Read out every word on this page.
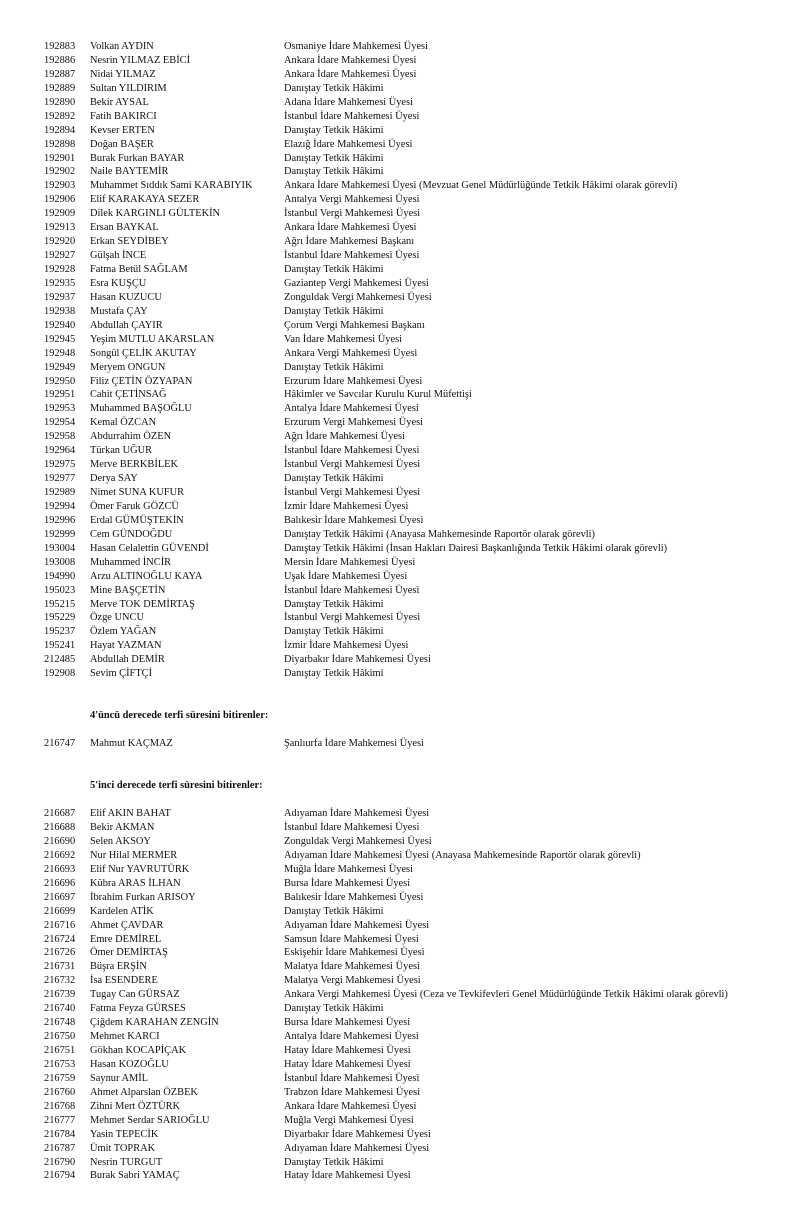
192883	Volkan AYDIN	Osmaniye İdare Mahkemesi Üyesi
192886	Nesrin YILMAZ EBİCİ	Ankara İdare Mahkemesi Üyesi
192887	Nidai YILMAZ	Ankara İdare Mahkemesi Üyesi
192889	Sultan YILDIRIM	Danıştay Tetkik Hâkimi
192890	Bekir AYSAL	Adana İdare Mahkemesi Üyesi
192892	Fatih BAKIRCI	İstanbul İdare Mahkemesi Üyesi
192894	Kevser ERTEN	Danıştay Tetkik Hâkimi
192898	Doğan BAŞER	Elazığ İdare Mahkemesi Üyesi
192901	Burak Furkan BAYAR	Danıştay Tetkik Hâkimi
192902	Naile BAYTEMİR	Danıştay Tetkik Hâkimi
192903	Muhammet Sıddık Sami KARABIYIK	Ankara İdare Mahkemesi Üyesi (Mevzuat Genel Müdürlüğünde Tetkik Hâkimi olarak görevli)
192906	Elif KARAKAYA SEZER	Antalya Vergi Mahkemesi Üyesi
192909	Dilek KARGINLI GÜLTEKİN	İstanbul Vergi Mahkemesi Üyesi
192913	Ersan BAYKAL	Ankara İdare Mahkemesi Üyesi
192920	Erkan SEYDİBEY	Ağrı İdare Mahkemesi Başkanı
192927	Gülşah İNCE	İstanbul İdare Mahkemesi Üyesi
192928	Fatma Betül SAĞLAM	Danıştay Tetkik Hâkimi
192935	Esra KUŞÇU	Gaziantep Vergi Mahkemesi Üyesi
192937	Hasan KUZUCU	Zonguldak Vergi Mahkemesi Üyesi
192938	Mustafa ÇAY	Danıştay Tetkik Hâkimi
192940	Abdullah ÇAYIR	Çorum Vergi Mahkemesi Başkanı
192945	Yeşim MUTLU AKARSLAN	Van İdare Mahkemesi Üyesi
192948	Songül ÇELİK AKUTAY	Ankara Vergi Mahkemesi Üyesi
192949	Meryem ONGUN	Danıştay Tetkik Hâkimi
192950	Filiz ÇETİN ÖZYAPAN	Erzurum İdare Mahkemesi Üyesi
192951	Cahit ÇETİNSAĞ	Hâkimler ve Savcılar Kurulu Kurul Müfettişi
192953	Muhammed BAŞOĞLU	Antalya İdare Mahkemesi Üyesi
192954	Kemal ÖZCAN	Erzurum Vergi Mahkemesi Üyesi
192958	Abdurrahim ÖZEN	Ağrı İdare Mahkemesi Üyesi
192964	Türkan UĞUR	İstanbul İdare Mahkemesi Üyesi
192975	Merve BERKBİLEK	İstanbul Vergi Mahkemesi Üyesi
192977	Derya SAY	Danıştay Tetkik Hâkimi
192989	Nimet SUNA KUFUR	İstanbul Vergi Mahkemesi Üyesi
192994	Ömer Faruk GÖZCÜ	İzmir İdare Mahkemesi Üyesi
192996	Erdal GÜMÜŞTEKİN	Balıkesir İdare Mahkemesi Üyesi
192999	Cem GÜNDOĞDU	Danıştay Tetkik Hâkimi (Anayasa Mahkemesinde Raportör olarak görevli)
193004	Hasan Celalettin GÜVENDİ	Danıştay Tetkik Hâkimi (İnsan Hakları Dairesi Başkanlığında Tetkik Hâkimi olarak görevli)
193008	Muhammed İNCİR	Mersin İdare Mahkemesi Üyesi
194990	Arzu ALTINOĞLU KAYA	Uşak İdare Mahkemesi Üyesi
195023	Mine BAŞÇETİN	İstanbul İdare Mahkemesi Üyesi
195215	Merve TOK DEMİRTAŞ	Danıştay Tetkik Hâkimi
195229	Özge UNCU	İstanbul Vergi Mahkemesi Üyesi
195237	Özlem YAĞAN	Danıştay Tetkik Hâkimi
195241	Hayat YAZMAN	İzmir İdare Mahkemesi Üyesi
212485	Abdullah DEMİR	Diyarbakır İdare Mahkemesi Üyesi
192908	Sevim ÇİFTÇİ	Danıştay Tetkik Hâkimi
4'üncü derecede terfi süresini bitirenler:
216747	Mahmut KAÇMAZ	Şanlıurfa İdare Mahkemesi Üyesi
5'inci derecede terfi süresini bitirenler:
216687	Elif AKIN BAHAT	Adıyaman İdare Mahkemesi Üyesi
216688	Bekir AKMAN	İstanbul İdare Mahkemesi Üyesi
216690	Selen AKSOY	Zonguldak Vergi Mahkemesi Üyesi
216692	Nur Hilal MERMER	Adıyaman İdare Mahkemesi Üyesi (Anayasa Mahkemesinde Raportör olarak görevli)
216693	Elif Nur YAVRUTÜRK	Muğla İdare Mahkemesi Üyesi
216696	Kübra ARAS İLHAN	Bursa İdare Mahkemesi Üyesi
216697	İbrahim Furkan ARISOY	Balıkesir İdare Mahkemesi Üyesi
216699	Kardelen ATİK	Danıştay Tetkik Hâkimi
216716	Ahmet ÇAVDAR	Adıyaman İdare Mahkemesi Üyesi
216724	Emre DEMİREL	Samsun İdare Mahkemesi Üyesi
216726	Ömer DEMİRTAŞ	Eskişehir İdare Mahkemesi Üyesi
216731	Büşra ERŞİN	Malatya İdare Mahkemesi Üyesi
216732	İsa ESENDERE	Malatya Vergi Mahkemesi Üyesi
216739	Tugay Can GÜRSAZ	Ankara Vergi Mahkemesi Üyesi (Ceza ve Tevkifevleri Genel Müdürlüğünde Tetkik Hâkimi olarak görevli)
216740	Fatma Feyza GÜRSES	Danıştay Tetkik Hâkimi
216748	Çiğdem KARAHAN ZENGİN	Bursa İdare Mahkemesi Üyesi
216750	Mehmet KARCI	Antalya İdare Mahkemesi Üyesi
216751	Gökhan KOCAPİÇAK	Hatay İdare Mahkemesi Üyesi
216753	Hasan KOZOĞLU	Hatay İdare Mahkemesi Üyesi
216759	Saynur AMİL	İstanbul İdare Mahkemesi Üyesi
216760	Ahmet Alparslan ÖZBEK	Trabzon İdare Mahkemesi Üyesi
216768	Zihni Mert ÖZTÜRK	Ankara İdare Mahkemesi Üyesi
216777	Mehmet Serdar SARIOĞLU	Muğla Vergi Mahkemesi Üyesi
216784	Yasin TEPECİK	Diyarbakır İdare Mahkemesi Üyesi
216787	Ümit TOPRAK	Adıyaman İdare Mahkemesi Üyesi
216790	Nesrin TURGUT	Danıştay Tetkik Hâkimi
216794	Burak Sabri YAMAÇ	Hatay İdare Mahkemesi Üyesi
